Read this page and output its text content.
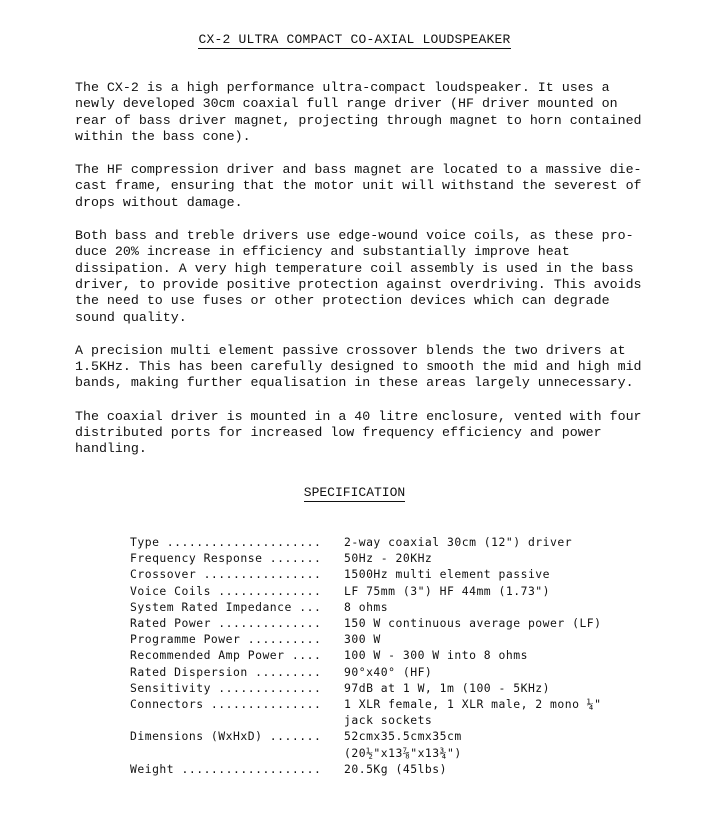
CX-2 ULTRA COMPACT CO-AXIAL LOUDSPEAKER

The CX-2 is a high performance ultra-compact loudspeaker. It uses a
newly developed 30cm coaxial full range driver (HF driver mounted on
rear of bass driver magnet, projecting through magnet to horn contained
within the bass cone).

The HF compression driver and bass magnet are located to a massive die-
cast frame, ensuring that the motor unit will withstand the severest of
drops without damage.

Both bass and treble drivers use edge-wound voice coils, as these pro-
duce 20% increase in efficiency and substantially improve heat
dissipation. A very high temperature coil assembly is used in the bass
driver, to provide positive protection against overdriving. This avoids
the need to use fuses or other protection devices which can degrade
sound quality.

A precision multi element passive crossover blends the two drivers at
1.5KHz. This has been carefully designed to smooth the mid and high mid
bands, making further equalisation in these areas largely unnecessary.

The coaxial driver is mounted in a 40 litre enclosure, vented with four
distributed ports for increased low frequency efficiency and power
handling.

SPECIFICATION
Type .....................	2-way coaxial 30cm (12") driver
Frequency Response .......	50Hz - 20KHz
Crossover ................	1500Hz multi element passive
Voice Coils ..............	LF 75mm (3") HF 44mm (1.73")
System Rated Impedance ...	8 ohms
Rated Power ..............	150 W continuous average power (LF)
Programme Power ..........	300 W
Recommended Amp Power ....	100 W - 300 W into 8 ohms
Rated Dispersion .........	90°x40° (HF)
Sensitivity ..............	97dB at 1 W, 1m (100 - 5KHz)
Connectors ...............	1 XLR female, 1 XLR male, 2 mono ¼"
jack sockets
Dimensions (WxHxD) .......	52cmx35.5cmx35cm
(20½"x13⅞"x13¾")
Weight ...................	20.5Kg (45lbs)
